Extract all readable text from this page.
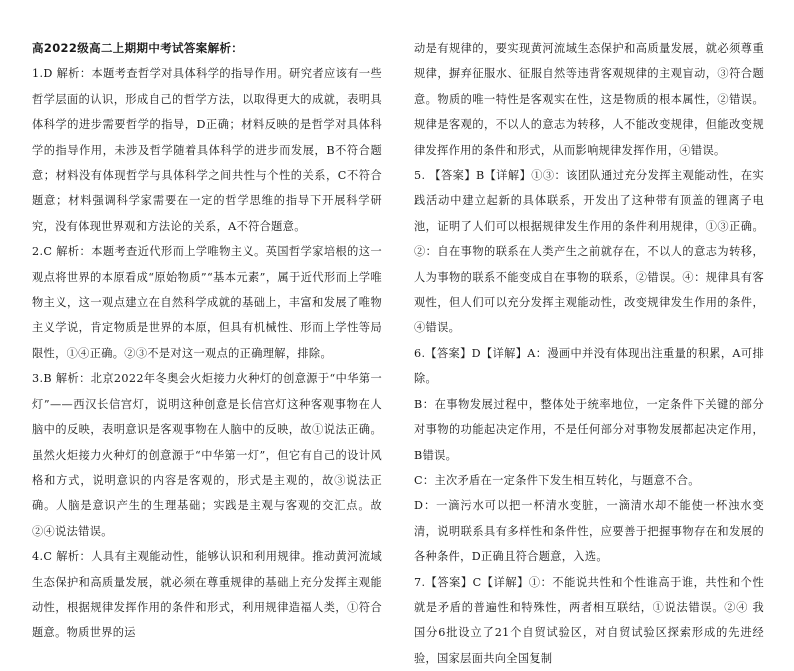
高2022级高二上期期中考试答案解析：

1.D 解析：本题考查哲学对具体科学的指导作用。研究者应该有一些哲学层面的认识，形成自己的哲学方法，以取得更大的成就，表明具体科学的进步需要哲学的指导，D正确；材料反映的是哲学对具体科学的指导作用，未涉及哲学随着具体科学的进步而发展，B不符合题意；材料没有体现哲学与具体科学之间共性与个性的关系，C不符合题意；材料强调科学家需要在一定的哲学思维的指导下开展科学研究，没有体现世界观和方法论的关系，A不符合题意。

2.C 解析：本题考查近代形而上学唯物主义。英国哲学家培根的这一观点将世界的本原看成“原始物质”“基本元素”，属于近代形而上学唯物主义，这一观点建立在自然科学成就的基础上，丰富和发展了唯物主义学说，肯定物质是世界的本原，但具有机械性、形而上学性等局限性，①④正确。②③不是对这一观点的正确理解，排除。

3.B 解析：北京2022年冬奥会火炬接力火种灯的创意源于“中华第一灯”——西汉长信宫灯，说明这种创意是长信宫灯这种客观事物在人脑中的反映，表明意识是客观事物在人脑中的反映，故①说法正确。虽然火炬接力火种灯的创意源于“中华第一灯”，但它有自己的设计风格和方式，说明意识的内容是客观的，形式是主观的，故③说法正确。人脑是意识产生的生理基础；实践是主观与客观的交汇点。故②④说法错误。

4.C 解析：人具有主观能动性，能够认识和利用规律。推动黄河流域生态保护和高质量发展，就必须在尊重规律的基础上充分发挥主观能动性，根据规律发挥作用的条件和形式，利用规律造福人类，①符合题意。物质世界的运

动是有规律的，要实现黄河流域生态保护和高质量发展，就必须尊重规律，摒弃征服水、征服自然等违背客观规律的主观盲动，③符合题意。物质的唯一特性是客观实在性，这是物质的根本属性，②错误。规律是客观的，不以人的意志为转移，人不能改变规律，但能改变规律发挥作用的条件和形式，从而影响规律发挥作用，④错误。

5. 【答案】B【详解】①③：该团队通过充分发挥主观能动性，在实践活动中建立起新的具体联系，开发出了这种带有顶盖的锂离子电池，证明了人们可以根据规律发生作用的条件利用规律，①③正确。②：自在事物的联系在人类产生之前就存在，不以人的意志为转移，人为事物的联系不能变成自在事物的联系，②错误。④：规律具有客观性，但人们可以充分发挥主观能动性，改变规律发生作用的条件，④错误。

6.【答案】D【详解】A：漫画中并没有体现出注重量的积累，A可排除。

B：在事物发展过程中，整体处于统率地位，一定条件下关键的部分对事物的功能起决定作用，不是任何部分对事物发展都起决定作用，B错误。

C：主次矛盾在一定条件下发生相互转化，与题意不合。

D：一滴污水可以把一杯清水变脏，一滴清水却不能使一杯浊水变清，说明联系具有多样性和条件性，应要善于把握事物存在和发展的各种条件，D正确且符合题意，入选。

7.【答案】C【详解】①：不能说共性和个性谁高于谁，共性和个性就是矛盾的普遍性和特殊性，两者相互联结，①说法错误。②④ 我国分6批设立了21个自贸试验区，对自贸试验区探索形成的先进经验，国家层面共向全国复制
